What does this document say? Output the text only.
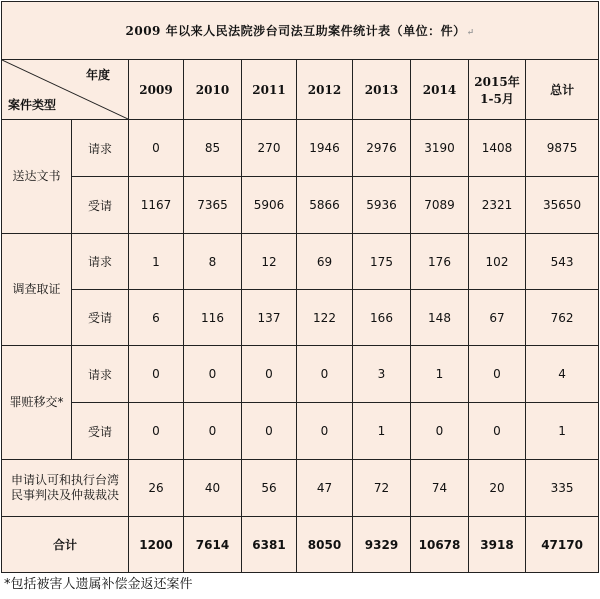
2009 年以来人民法院涉台司法互助案件统计表（单位：件）↵									

年度
案件类型		2009	2010	2011	2012	2013	2014	2015年1-5月	总计
送达文书	请求	0	85	270	1946	2976	3190	1408	9875
	受请	1167	7365	5906	5866	5936	7089	2321	35650
调查取证	请求	1	8	12	69	175	176	102	543
	受请	6	116	137	122	166	148	67	762
罪赃移交*	请求	0	0	0	0	3	1	0	4
	受请	0	0	0	0	1	0	0	1
申请认可和执行台湾民事判决及仲裁裁决		26	40	56	47	72	74	20	335
合计		1200	7614	6381	8050	9329	10678	3918	47170
*包括被害人遗属补偿金返还案件
